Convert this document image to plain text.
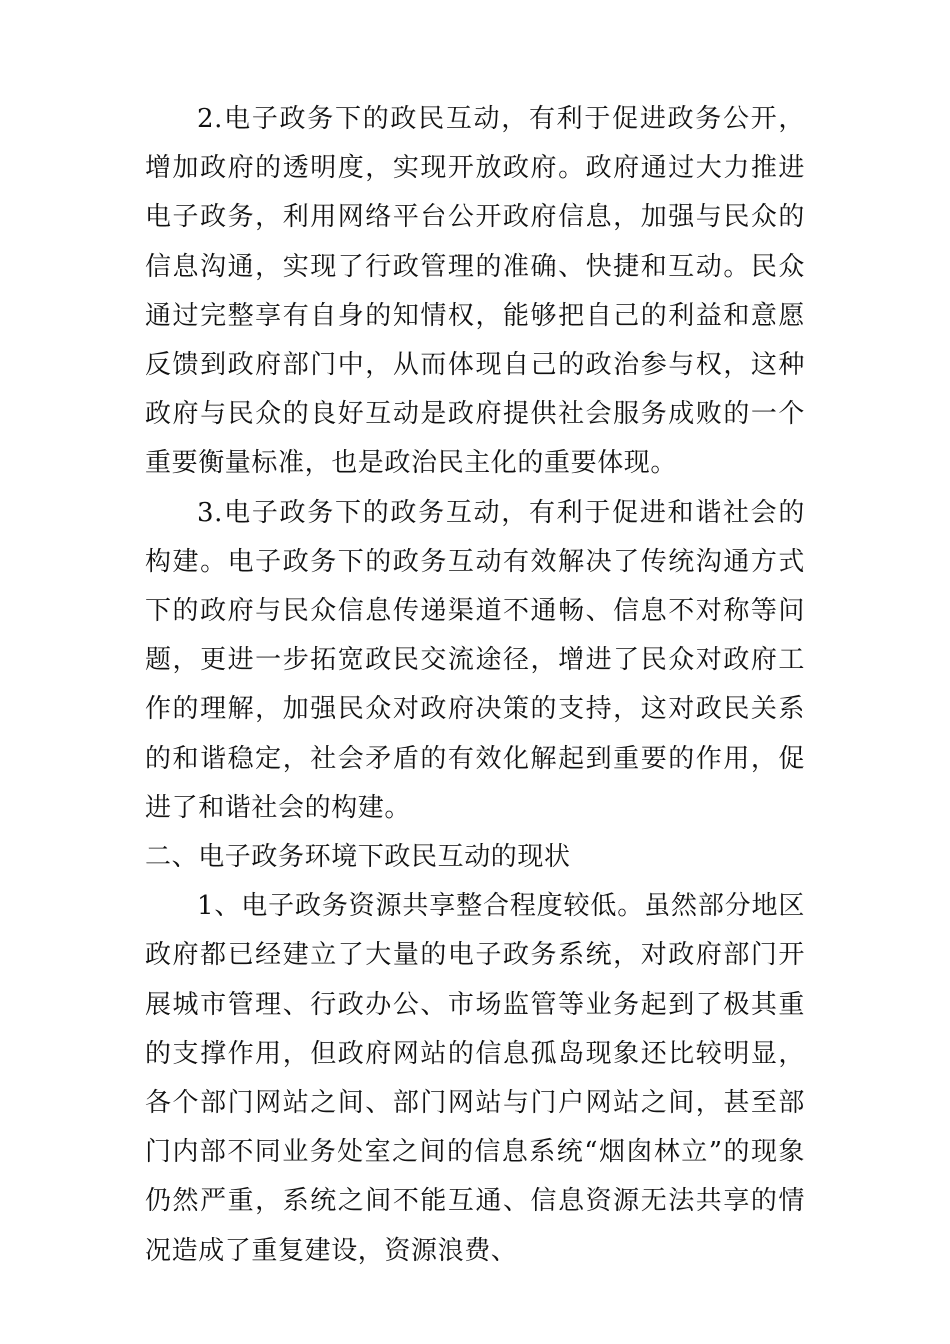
2.电子政务下的政民互动，有利于促进政务公开，增加政府的透明度，实现开放政府。政府通过大力推进电子政务，利用网络平台公开政府信息，加强与民众的信息沟通，实现了行政管理的准确、快捷和互动。民众通过完整享有自身的知情权，能够把自己的利益和意愿反馈到政府部门中，从而体现自己的政治参与权，这种政府与民众的良好互动是政府提供社会服务成败的一个重要衡量标准，也是政治民主化的重要体现。

3.电子政务下的政务互动，有利于促进和谐社会的构建。电子政务下的政务互动有效解决了传统沟通方式下的政府与民众信息传递渠道不通畅、信息不对称等问题，更进一步拓宽政民交流途径，增进了民众对政府工作的理解，加强民众对政府决策的支持，这对政民关系的和谐稳定，社会矛盾的有效化解起到重要的作用，促进了和谐社会的构建。

二、电子政务环境下政民互动的现状

1、电子政务资源共享整合程度较低。虽然部分地区政府都已经建立了大量的电子政务系统，对政府部门开展城市管理、行政办公、市场监管等业务起到了极其重的支撑作用，但政府网站的信息孤岛现象还比较明显，各个部门网站之间、部门网站与门户网站之间，甚至部门内部不同业务处室之间的信息系统“烟囱林立”的现象仍然严重，系统之间不能互通、信息资源无法共享的情况造成了重复建设，资源浪费、
